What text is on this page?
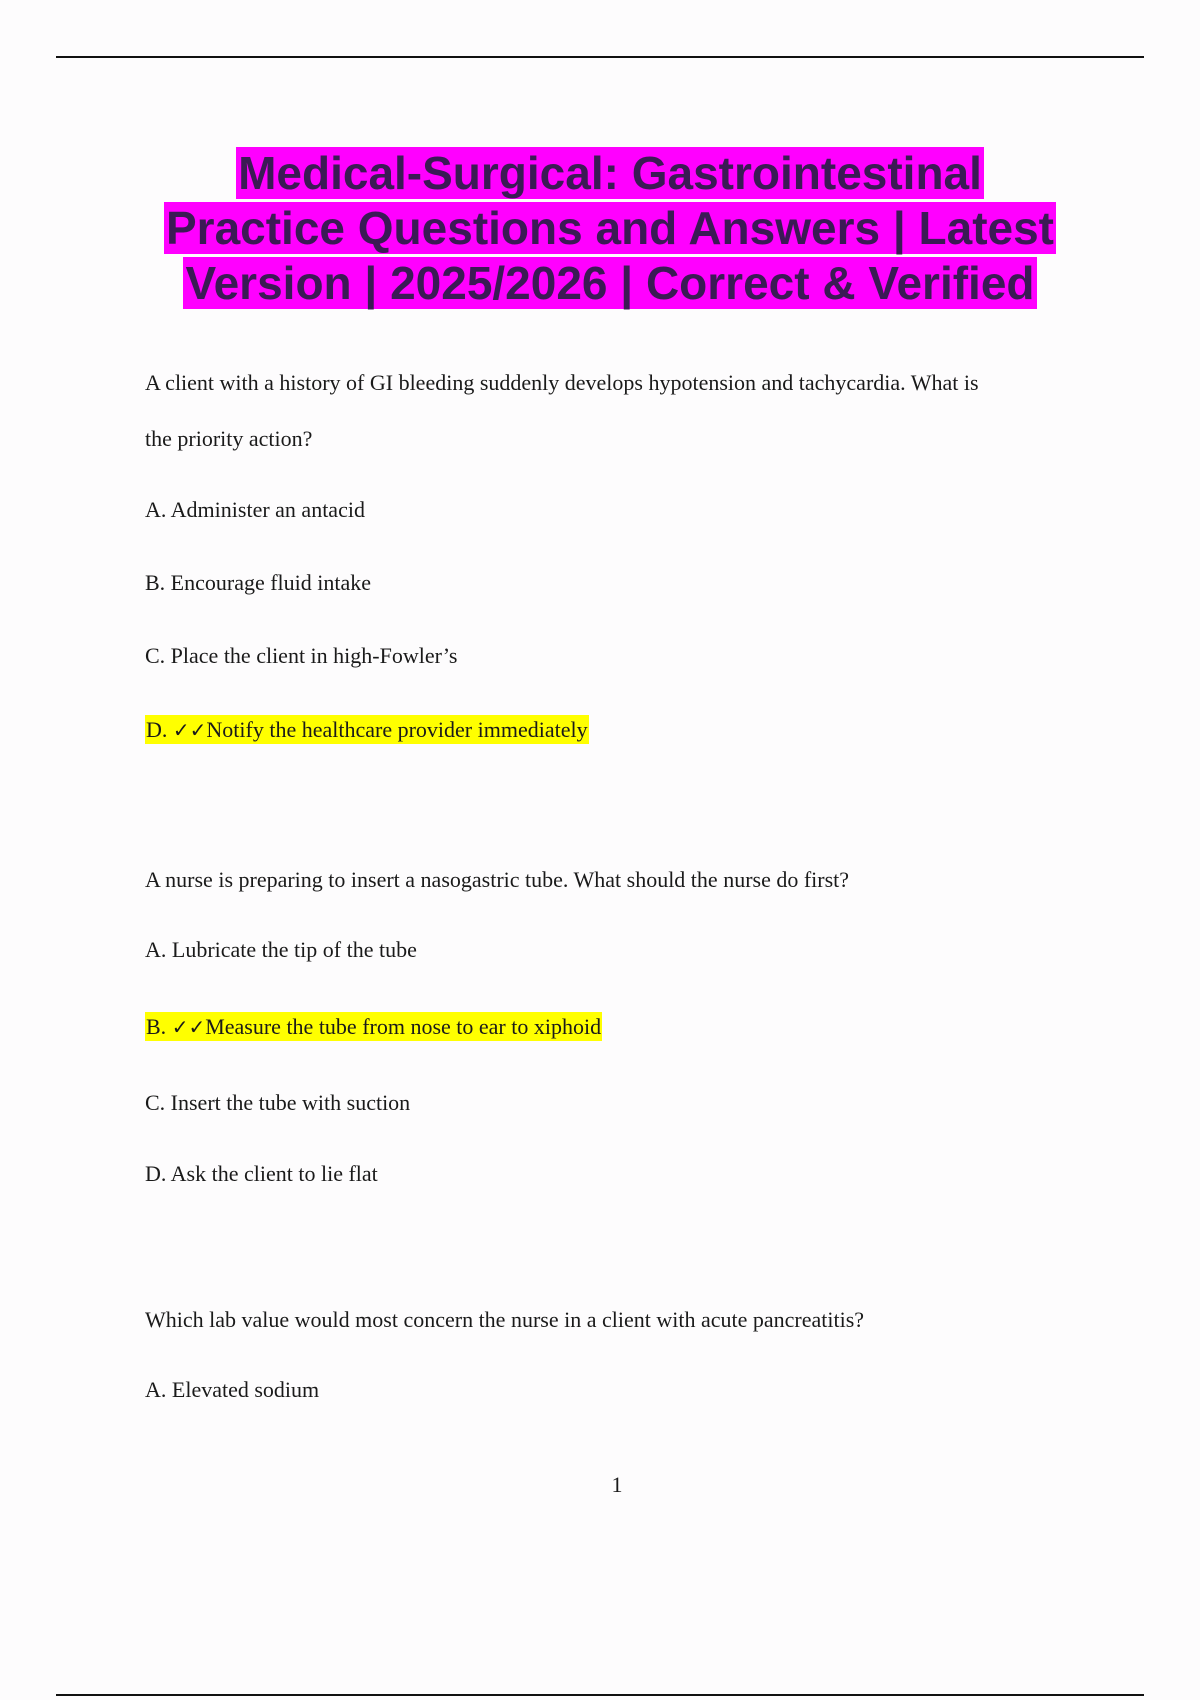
Medical-Surgical: Gastrointestinal
Practice Questions and Answers | Latest
Version | 2025/2026 | Correct & Verified
A client with a history of GI bleeding suddenly develops hypotension and tachycardia. What is
the priority action?
A. Administer an antacid
B. Encourage fluid intake
C. Place the client in high-Fowler’s
D. ✓✓Notify the healthcare provider immediately
A nurse is preparing to insert a nasogastric tube. What should the nurse do first?
A. Lubricate the tip of the tube
B. ✓✓Measure the tube from nose to ear to xiphoid
C. Insert the tube with suction
D. Ask the client to lie flat
Which lab value would most concern the nurse in a client with acute pancreatitis?
A. Elevated sodium
1
